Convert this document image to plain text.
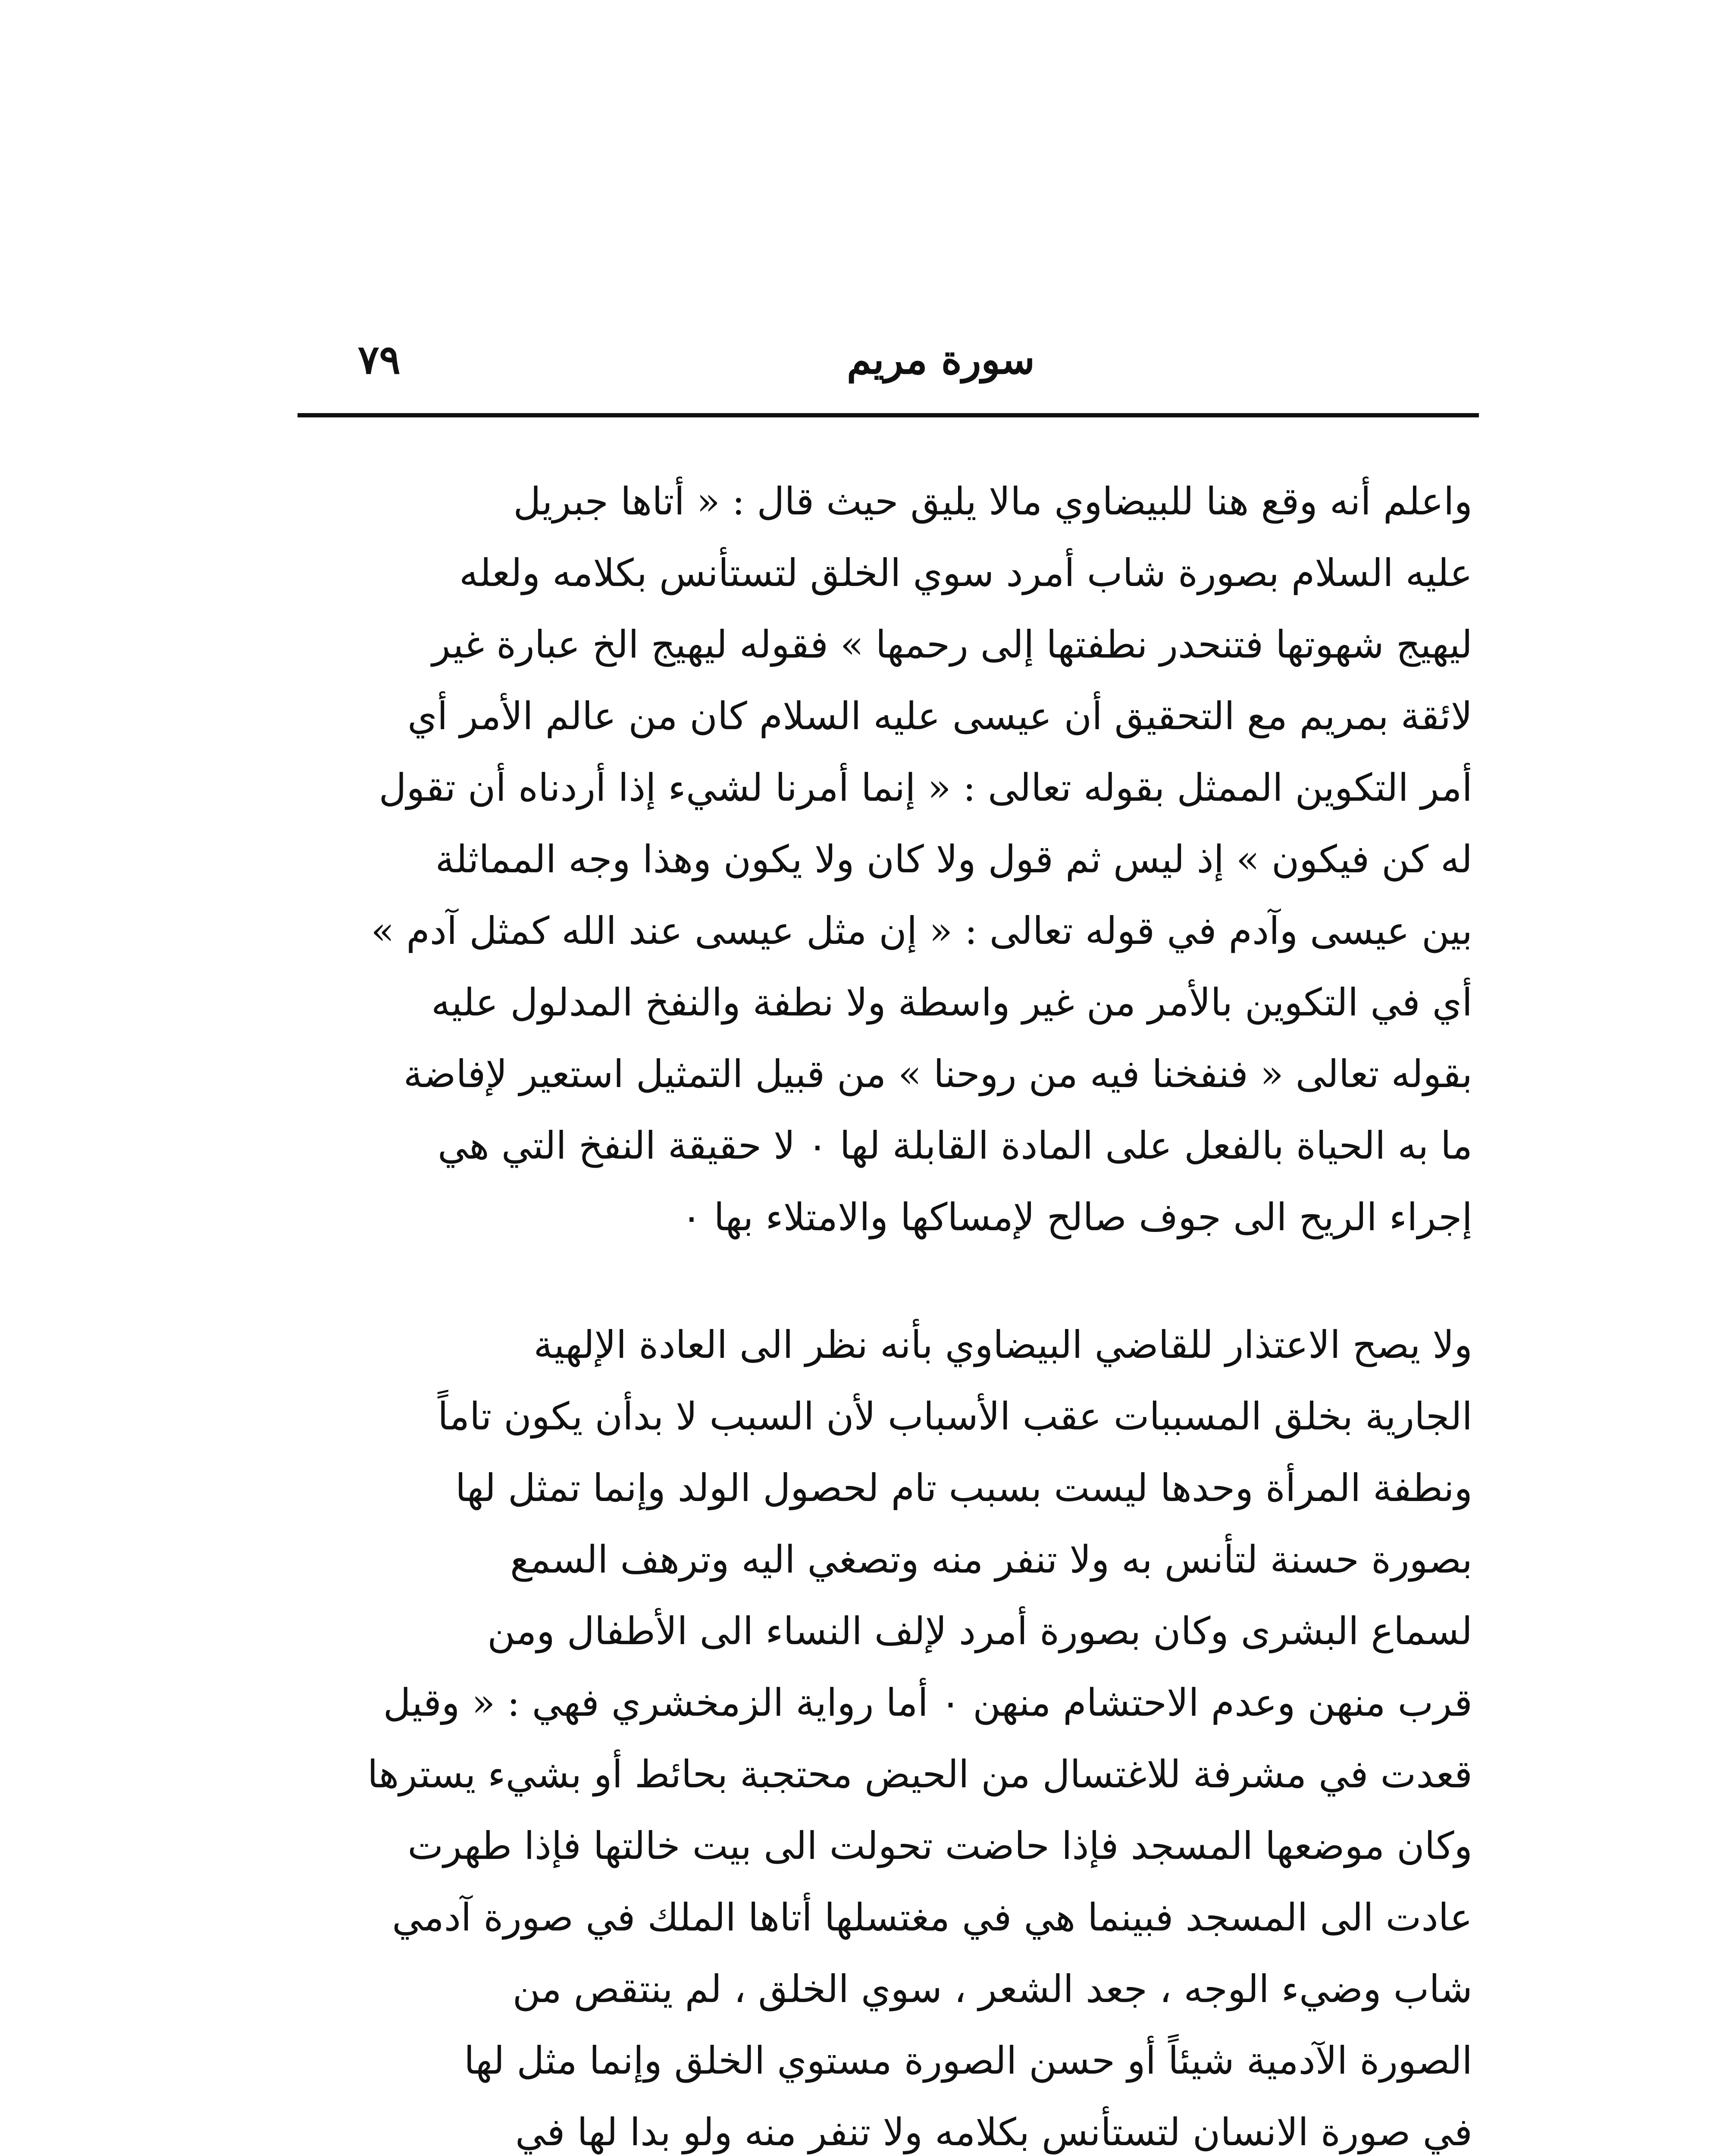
سورة مريم
٧٩
واعلم أنه وقع هنا للبيضاوي مالا يليق حيث قال : « أتاها جبريل
عليه السلام بصورة شاب أمرد سوي الخلق لتستأنس بكلامه ولعله
ليهيج شهوتها فتنحدر نطفتها إلى رحمها » فقوله ليهيج الخ عبارة غير
لائقة بمريم مع التحقيق أن عيسى عليه السلام كان من عالم الأمر أي
أمر التكوين الممثل بقوله تعالى : « إنما أمرنا لشيء إذا أردناه أن تقول
له كن فيكون » إذ ليس ثم قول ولا كان ولا يكون وهذا وجه المماثلة
بين عيسى وآدم في قوله تعالى : « إن مثل عيسى عند الله كمثل آدم »
أي في التكوين بالأمر من غير واسطة ولا نطفة والنفخ المدلول عليه
بقوله تعالى « فنفخنا فيه من روحنا » من قبيل التمثيل استعير لإفاضة
ما به الحياة بالفعل على المادة القابلة لها ٠ لا حقيقة النفخ التي هي
إجراء الريح الى جوف صالح لإمساكها والامتلاء بها ٠
ولا يصح الاعتذار للقاضي البيضاوي بأنه نظر الى العادة الإلهية
الجارية بخلق المسببات عقب الأسباب لأن السبب لا بدأن يكون تاماً
ونطفة المرأة وحدها ليست بسبب تام لحصول الولد وإنما تمثل لها
بصورة حسنة لتأنس به ولا تنفر منه وتصغي اليه وترهف السمع
لسماع البشرى وكان بصورة أمرد لإلف النساء الى الأطفال ومن
قرب منهن وعدم الاحتشام منهن ٠ أما رواية الزمخشري فهي : « وقيل
قعدت في مشرفة للاغتسال من الحيض محتجبة بحائط أو بشيء يسترها
وكان موضعها المسجد فإذا حاضت تحولت الى بيت خالتها فإذا طهرت
عادت الى المسجد فبينما هي في مغتسلها أتاها الملك في صورة آدمي
شاب وضيء الوجه ، جعد الشعر ، سوي الخلق ، لم ينتقص من
الصورة الآدمية شيئاً أو حسن الصورة مستوي الخلق وإنما مثل لها
في صورة الانسان لتستأنس بكلامه ولا تنفر منه ولو بدا لها في
